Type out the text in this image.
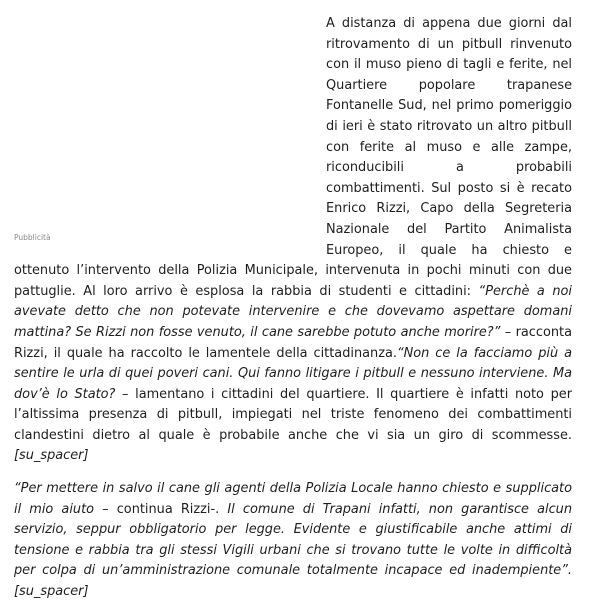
Pubblicità

A distanza di appena due giorni dal ritrovamento di un pitbull rinvenuto con il muso pieno di tagli e ferite, nel Quartiere popolare trapanese Fontanelle Sud, nel primo pomeriggio di ieri è stato ritrovato un altro pitbull con ferite al muso e alle zampe, riconducibili a probabili combattimenti. Sul posto si è recato Enrico Rizzi, Capo della Segreteria Nazionale del Partito Animalista Europeo, il quale ha chiesto e ottenuto l’intervento della Polizia Municipale, intervenuta in pochi minuti con due pattuglie. Al loro arrivo è esplosa la rabbia di studenti e cittadini: “Perchè a noi avevate detto che non potevate intervenire e che dovevamo aspettare domani mattina? Se Rizzi non fosse venuto, il cane sarebbe potuto anche morire?” – racconta Rizzi, il quale ha raccolto le lamentele della cittadinanza.“Non ce la facciamo più a sentire le urla di quei poveri cani. Qui fanno litigare i pitbull e nessuno interviene. Ma dov’è lo Stato? – lamentano i cittadini del quartiere. Il quartiere è infatti noto per l’altissima presenza di pitbull, impiegati nel triste fenomeno dei combattimenti clandestini dietro al quale è probabile anche che vi sia un giro di scommesse. [su_spacer]

“Per mettere in salvo il cane gli agenti della Polizia Locale hanno chiesto e supplicato il mio aiuto – continua Rizzi-. Il comune di Trapani infatti, non garantisce alcun servizio, seppur obbligatorio per legge. Evidente e giustificabile anche attimi di tensione e rabbia tra gli stessi Vigili urbani che si trovano tutte le volte in difficoltà per colpa di un’amministrazione comunale totalmente incapace ed inadempiente”.[su_spacer]
